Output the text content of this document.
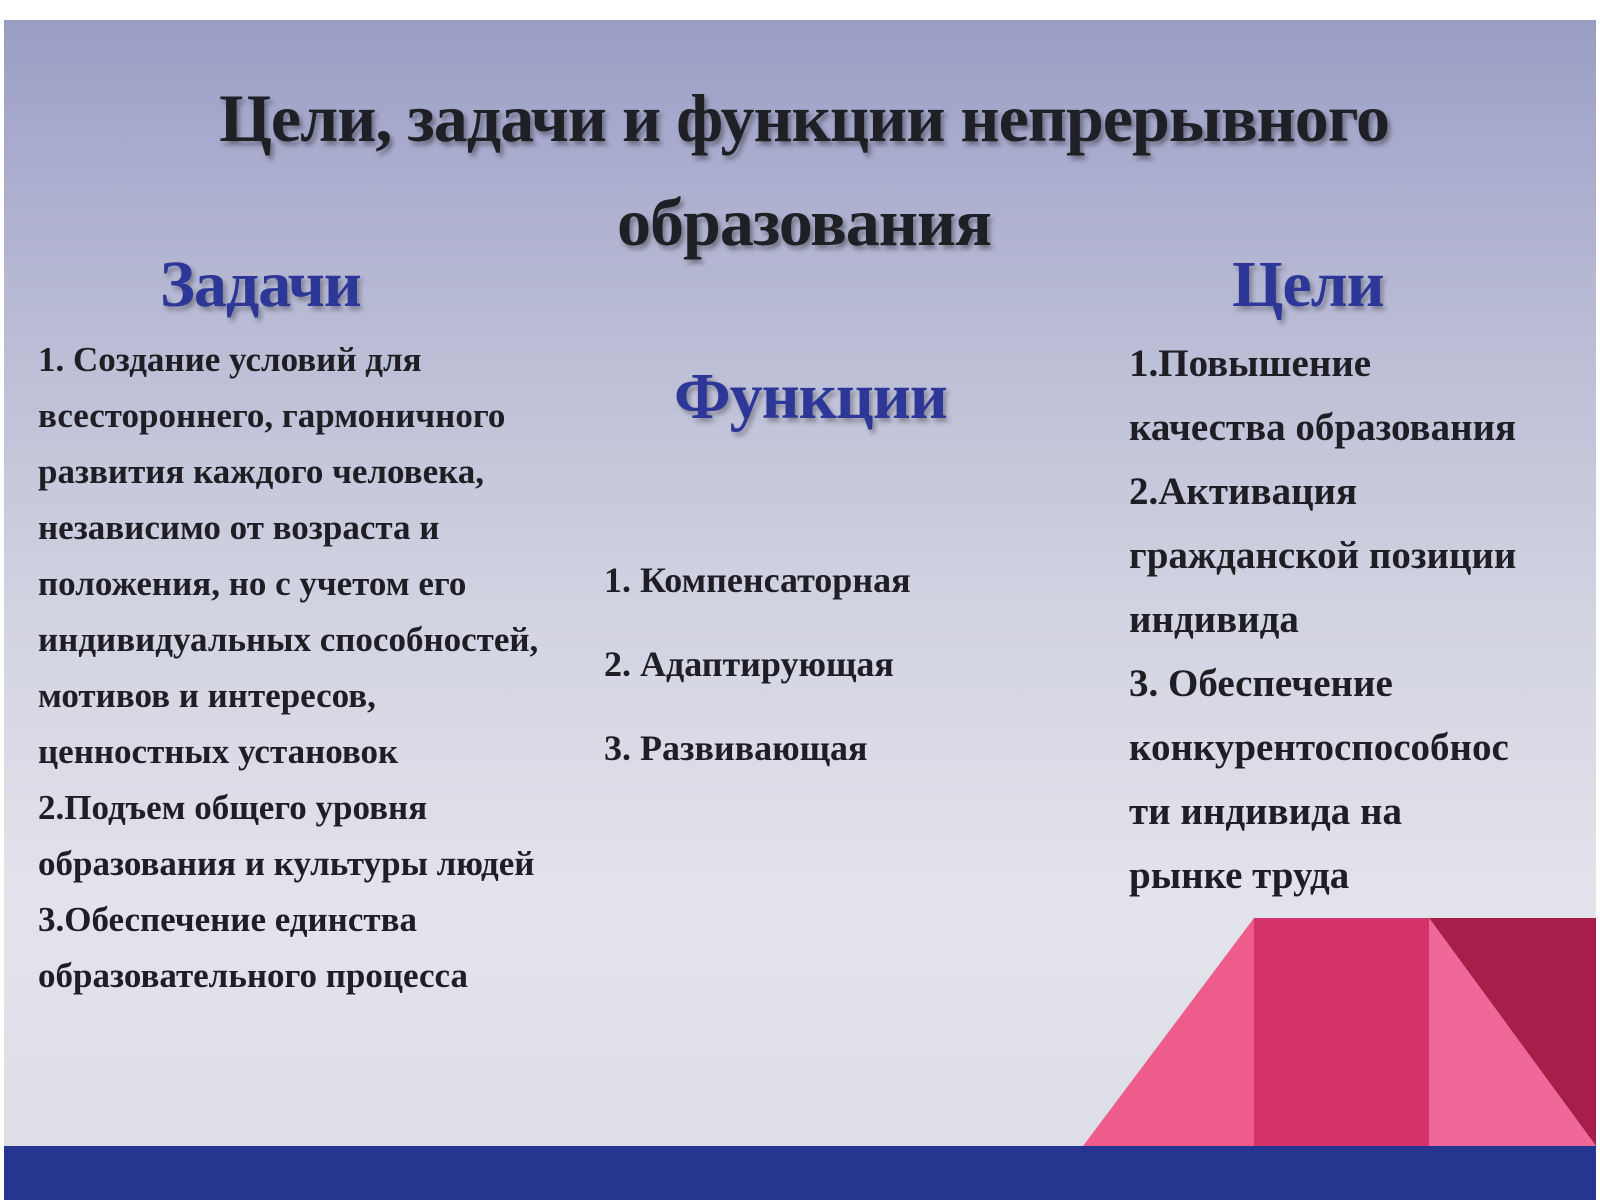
Цели, задачи и функции непрерывного
образования
Задачи
Функции
Цели
1. Создание условий для
всестороннего, гармоничного
развития каждого человека,
независимо от возраста и
положения, но с учетом его
индивидуальных способностей,
мотивов и интересов,
ценностных установок
2.Подъем общего уровня
образования и культуры людей
3.Обеспечение единства
образовательного процесса
1. Компенсаторная
2. Адаптирующая
3. Развивающая
1.Повышение
качества образования
2.Активация
гражданской позиции
индивида
3. Обеспечение
конкурентоспособнос
ти индивида на
рынке труда
